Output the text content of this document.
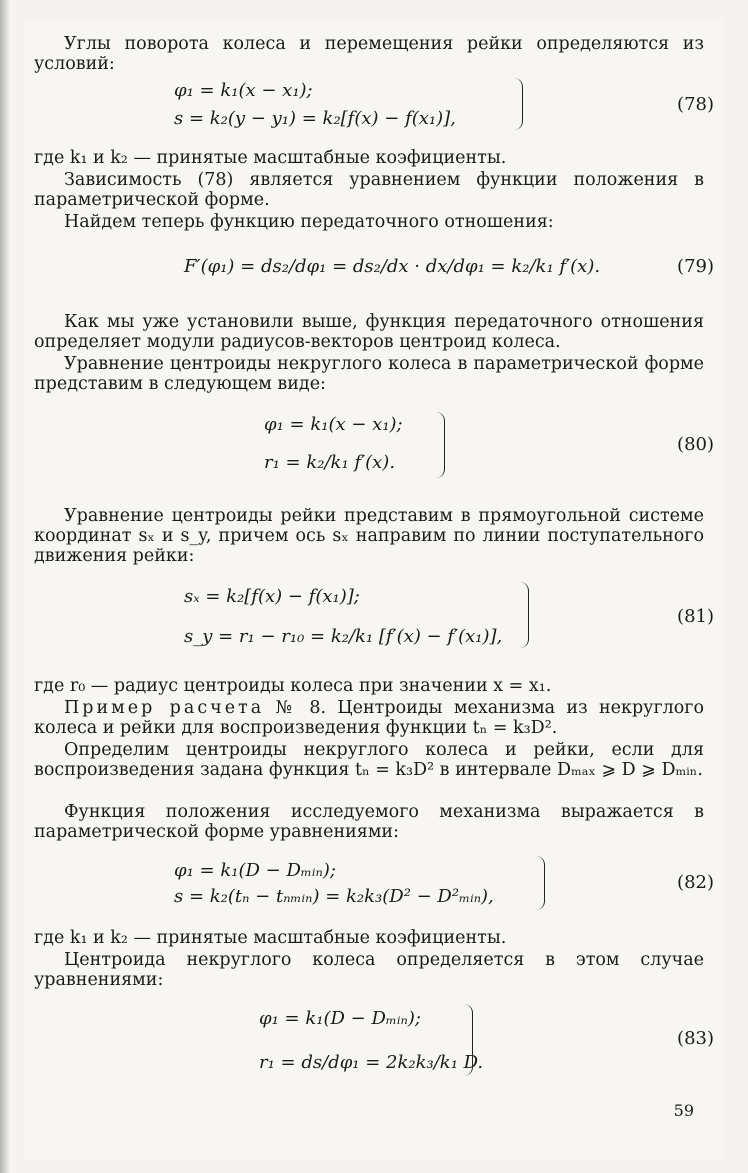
Углы поворота колеса и перемещения рейки определяются из условий:
φ₁ = k₁(x − x₁);
s = k₂(y − y₁) = k₂[f(x) − f(x₁)],
(78)
где k₁ и k₂ — принятые масштабные коэфициенты.
Зависимость (78) является уравнением функции положения в параметрической форме.
Найдем теперь функцию передаточного отношения:
F′(φ₁) = ds₂/dφ₁ = ds₂/dx · dx/dφ₁ = k₂/k₁ f′(x).	(79)
Как мы уже установили выше, функция передаточного отношения определяет модули радиусов-векторов центроид колеса.
Уравнение центроиды некруглого колеса в параметрической форме представим в следующем виде:
φ₁ = k₁(x − x₁);
r₁ = k₂/k₁ f′(x).
(80)
Уравнение центроиды рейки представим в прямоугольной системе координат sₓ и s_y, причем ось sₓ направим по линии поступательного движения рейки:
sₓ = k₂[f(x) − f(x₁)];
s_y = r₁ − r₁₀ = k₂/k₁ [f′(x) − f′(x₁)],
(81)
где r₀ — радиус центроиды колеса при значении x = x₁.
Пример расчета № 8. Центроиды механизма из некруглого колеса и рейки для воспроизведения функции tₙ = k₃D².
Определим центроиды некруглого колеса и рейки, если для воспроизведения задана функция tₙ = k₃D² в интервале Dₘₐₓ ⩾ D ⩾ Dₘᵢₙ.
Функция положения исследуемого механизма выражается в параметрической форме уравнениями:
φ₁ = k₁(D − Dₘᵢₙ);
s = k₂(tₙ − tₙₘᵢₙ) = k₂k₃(D² − D²ₘᵢₙ),
(82)
где k₁ и k₂ — принятые масштабные коэфициенты.
Центроида некруглого колеса определяется в этом случае уравнениями:
φ₁ = k₁(D − Dₘᵢₙ);
r₁ = ds/dφ₁ = 2k₂k₃/k₁ D.
(83)
59
